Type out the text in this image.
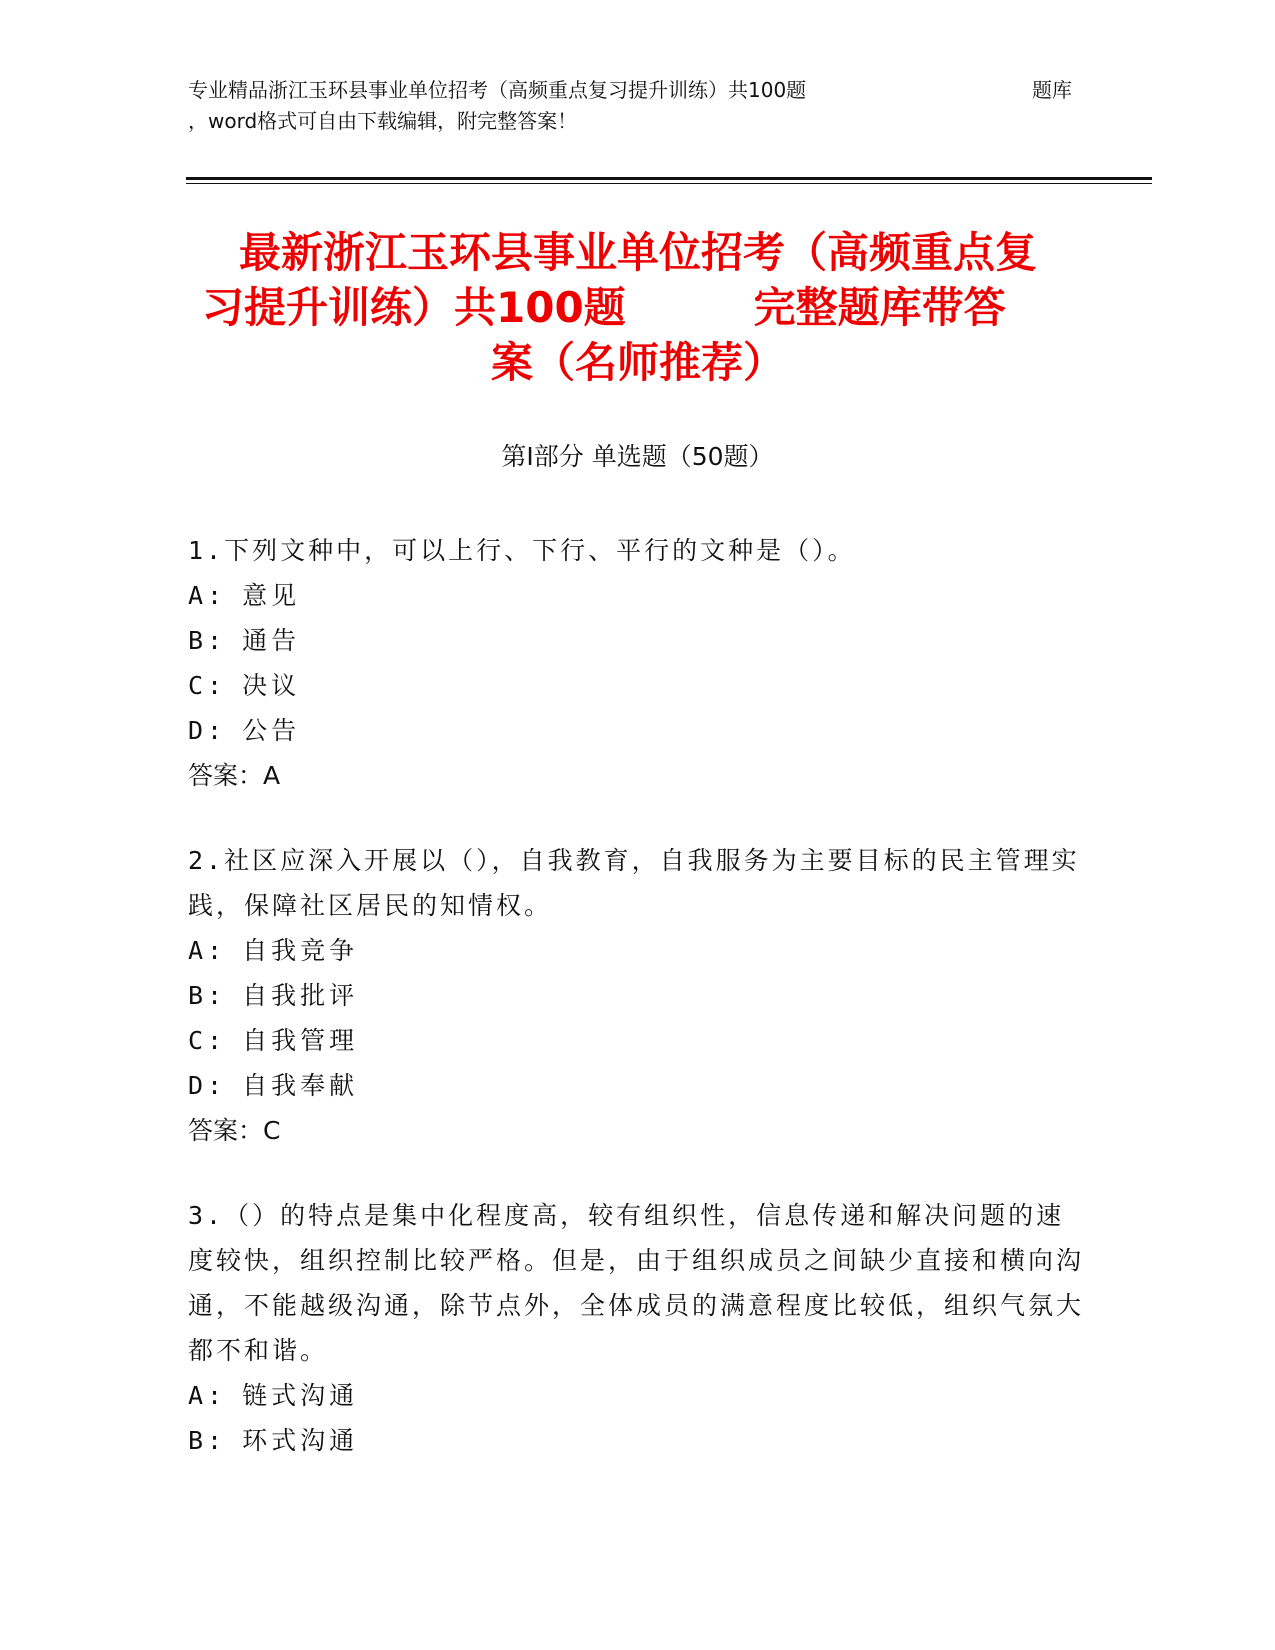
专业精品浙江玉环县事业单位招考（高频重点复习提升训练）共100题	题库
，word格式可自由下载编辑，附完整答案！
最新浙江玉环县事业单位招考（高频重点复
习提升训练）共100题	完整题库带答
案（名师推荐）
第Ⅰ部分 单选题（50题）
1.下列文种中，可以上行、下行、平行的文种是（）。
A: 意见
B: 通告
C: 决议
D: 公告
答案：A
2.社区应深入开展以（），自我教育，自我服务为主要目标的民主管理实践，保障社区居民的知情权。
A: 自我竞争
B: 自我批评
C: 自我管理
D: 自我奉献
答案：C
3.（）的特点是集中化程度高，较有组织性，信息传递和解决问题的速度较快，组织控制比较严格。但是，由于组织成员之间缺少直接和横向沟通，不能越级沟通，除节点外，全体成员的满意程度比较低，组织气氛大都不和谐。
A: 链式沟通
B: 环式沟通
